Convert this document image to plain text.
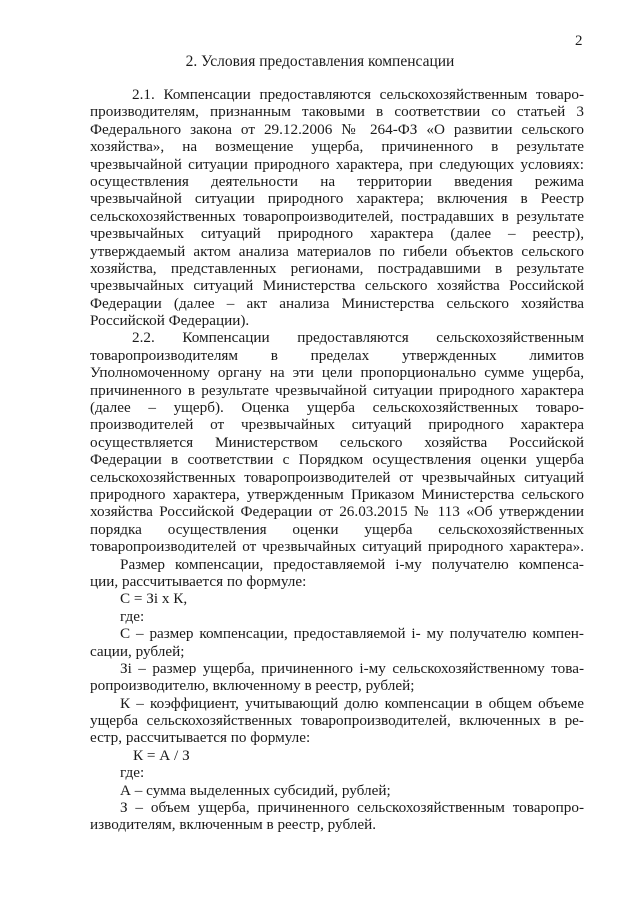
2
2. Условия предоставления компенсации
2.1. Компенсации предоставляются сельскохозяйственным товаро-
производителям, признанным таковыми в соответствии со статьей 3
Федерального закона от 29.12.2006 № 264-ФЗ «О развитии сельского
хозяйства», на возмещение ущерба, причиненного в результате
чрезвычайной ситуации природного характера, при следующих условиях:
осуществления деятельности на территории введения режима
чрезвычайной ситуации природного характера; включения в Реестр
сельскохозяйственных товаропроизводителей, пострадавших в результате
чрезвычайных ситуаций природного характера (далее – реестр),
утверждаемый актом анализа материалов по гибели объектов сельского
хозяйства, представленных регионами, пострадавшими в результате
чрезвычайных ситуаций Министерства сельского хозяйства Российской
Федерации (далее – акт анализа Министерства сельского хозяйства
Российской Федерации).
2.2. Компенсации предоставляются сельскохозяйственным
товаропроизводителям в пределах утвержденных лимитов
Уполномоченному органу на эти цели пропорционально сумме ущерба,
причиненного в результате чрезвычайной ситуации природного характера
(далее – ущерб). Оценка ущерба сельскохозяйственных товаро-
производителей от чрезвычайных ситуаций природного характера
осуществляется Министерством сельского хозяйства Российской
Федерации в соответствии с Порядком осуществления оценки ущерба
сельскохозяйственных товаропроизводителей от чрезвычайных ситуаций
природного характера, утвержденным Приказом Министерства сельского
хозяйства Российской Федерации от 26.03.2015 № 113 «Об утверждении
порядка осуществления оценки ущерба сельскохозяйственных
товаропроизводителей от чрезвычайных ситуаций природного характера».
Размер компенсации, предоставляемой i-му получателю компенса-
ции, рассчитывается по формуле:
C = Зi x К,
где:
С – размер компенсации, предоставляемой i- му получателю компен-
сации, рублей;
Зi – размер ущерба, причиненного i-му сельскохозяйственному това-
ропроизводителю, включенному в реестр, рублей;
К – коэффициент, учитывающий долю компенсации в общем объеме
ущерба сельскохозяйственных товаропроизводителей, включенных в ре-
естр, рассчитывается по формуле:
К = А / З
где:
А – сумма выделенных субсидий, рублей;
З – объем ущерба, причиненного сельскохозяйственным товаропро-
изводителям, включенным в реестр, рублей.
